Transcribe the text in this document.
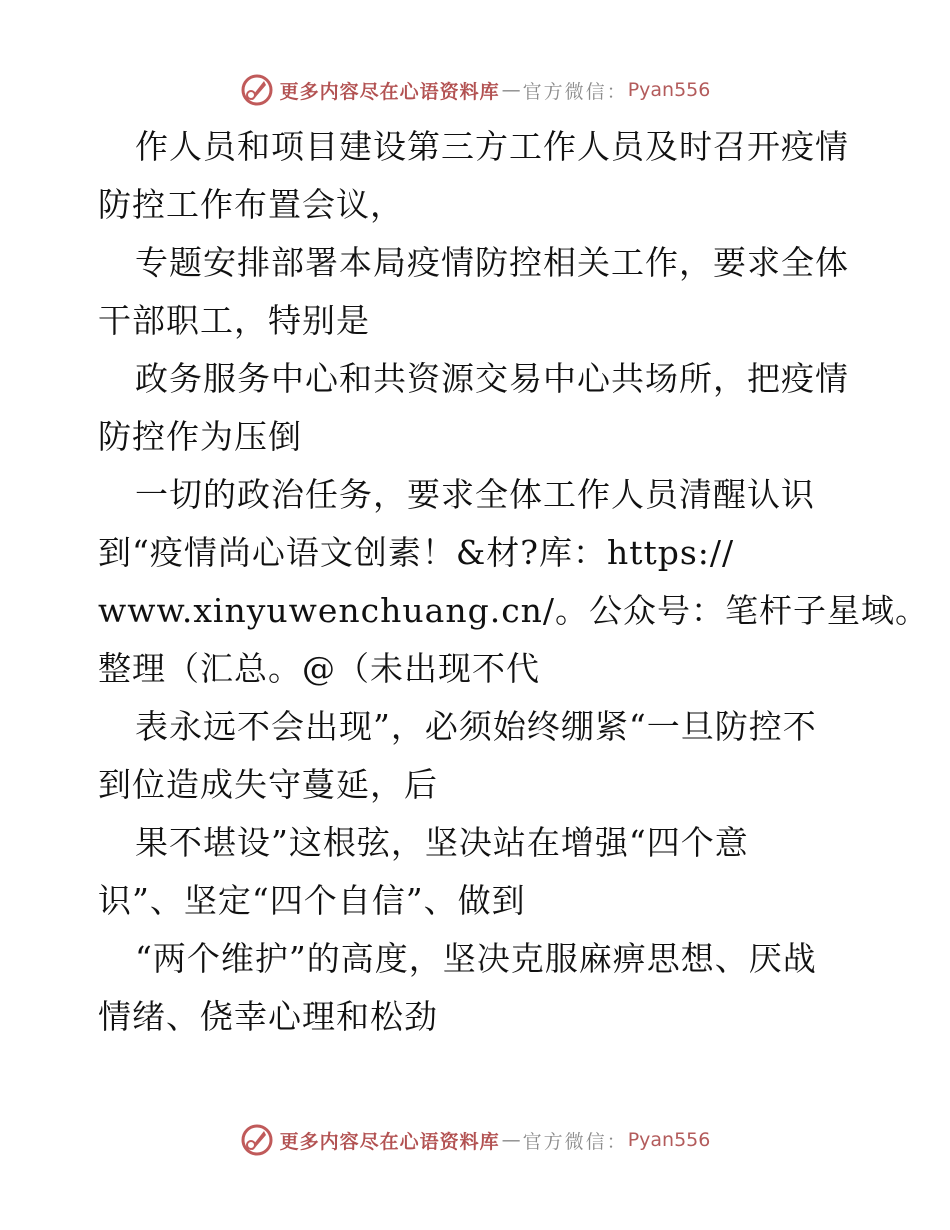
更多内容尽在心语资料库 — 官方微信： Pyan556
作人员和项目建设第三方工作人员及时召开疫情
防控工作布置会议，
专题安排部署本局疫情防控相关工作，要求全体
干部职工，特别是
政务服务中心和共资源交易中心共场所，把疫情
防控作为压倒
一切的政治任务，要求全体工作人员清醒认识
到“疫情尚心语文创素！&材?库：https://
www.xinyuwenchuang.cn/。公众号：笔杆子星域。
整理（汇总。@（未出现不代
表永远不会出现”，必须始终绷紧“一旦防控不
到位造成失守蔓延，后
果不堪设”这根弦，坚决站在增强“四个意
识”、坚定“四个自信”、做到
“两个维护”的高度，坚决克服麻痹思想、厌战
情绪、侥幸心理和松劲
更多内容尽在心语资料库 — 官方微信： Pyan556
